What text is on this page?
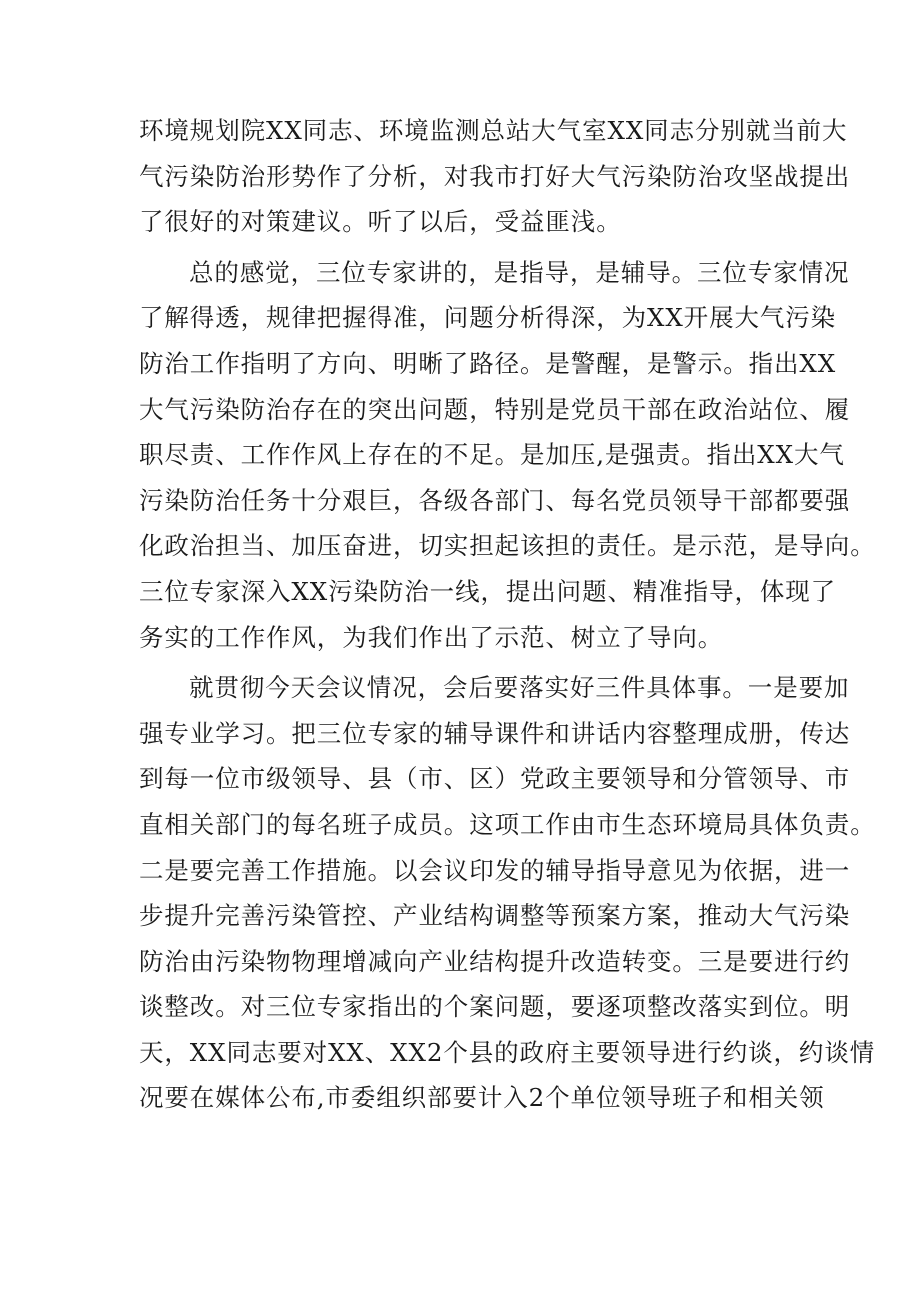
环境规划院XX同志、环境监测总站大气室XX同志分别就当前大
气污染防治形势作了分析，对我市打好大气污染防治攻坚战提出
了很好的对策建议。听了以后，受益匪浅。
总的感觉，三位专家讲的，是指导，是辅导。三位专家情况
了解得透，规律把握得准，问题分析得深，为XX开展大气污染
防治工作指明了方向、明晰了路径。是警醒，是警示。指出XX
大气污染防治存在的突出问题，特别是党员干部在政治站位、履
职尽责、工作作风上存在的不足。是加压,是强责。指出XX大气
污染防治任务十分艰巨，各级各部门、每名党员领导干部都要强
化政治担当、加压奋进，切实担起该担的责任。是示范，是导向。
三位专家深入XX污染防治一线，提出问题、精准指导，体现了
务实的工作作风，为我们作出了示范、树立了导向。
就贯彻今天会议情况，会后要落实好三件具体事。一是要加
强专业学习。把三位专家的辅导课件和讲话内容整理成册，传达
到每一位市级领导、县（市、区）党政主要领导和分管领导、市
直相关部门的每名班子成员。这项工作由市生态环境局具体负责。
二是要完善工作措施。以会议印发的辅导指导意见为依据，进一
步提升完善污染管控、产业结构调整等预案方案，推动大气污染
防治由污染物物理增减向产业结构提升改造转变。三是要进行约
谈整改。对三位专家指出的个案问题，要逐项整改落实到位。明
天，XX同志要对XX、XX2个县的政府主要领导进行约谈，约谈情
况要在媒体公布,市委组织部要计入2个单位领导班子和相关领
